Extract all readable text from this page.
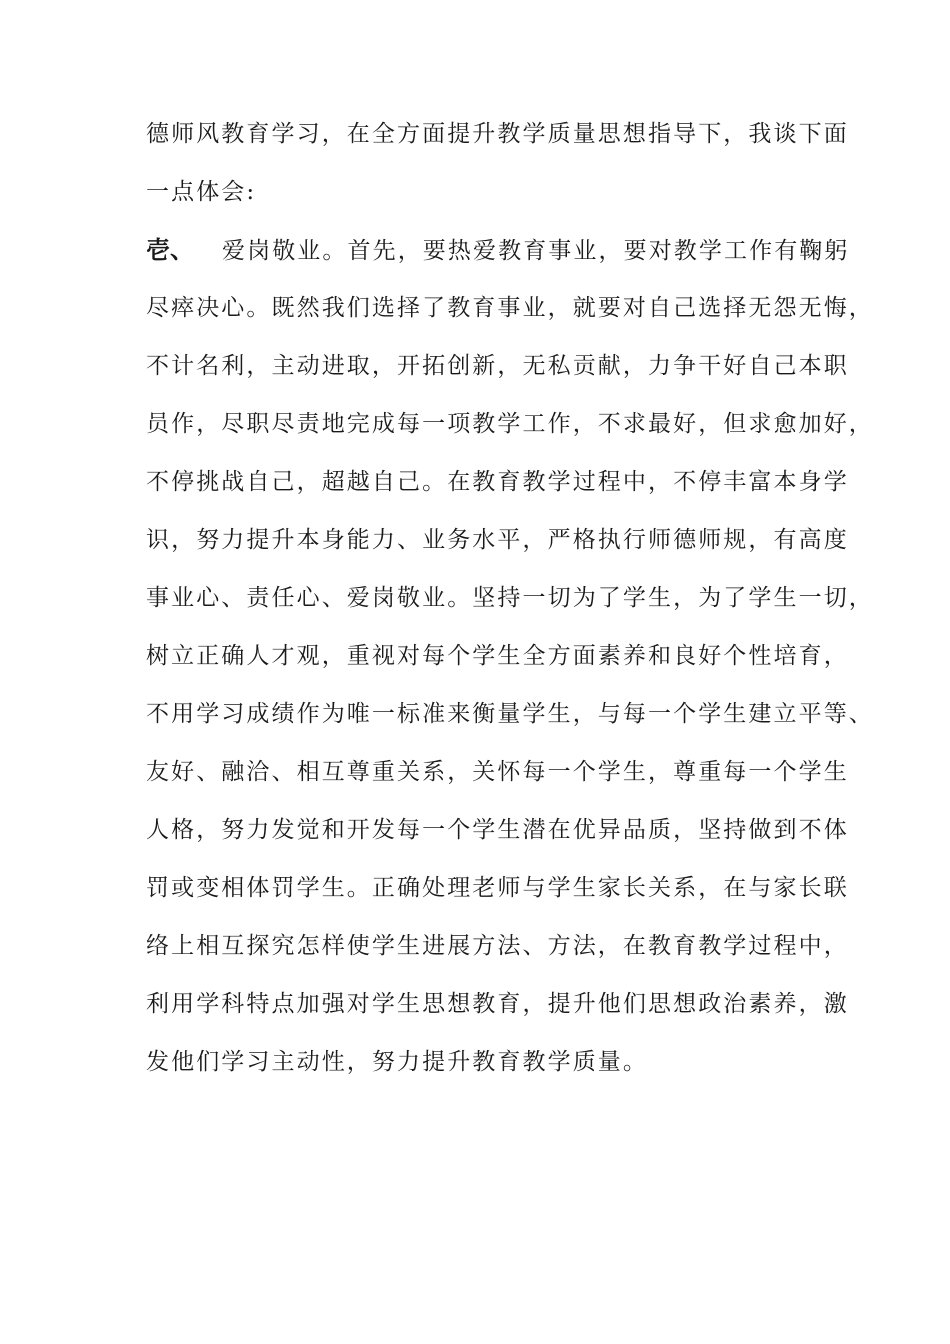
德师风教育学习，在全方面提升教学质量思想指导下，我谈下面
一点体会:
壱、 爱岗敬业。首先，要热爱教育事业，要对教学工作有鞠躬
尽瘁决心。既然我们选择了教育事业，就要对自己选择无怨无悔，
不计名利，主动进取，开拓创新，无私贡献，力争干好自己本职
员作，尽职尽责地完成每一项教学工作，不求最好，但求愈加好，
不停挑战自己，超越自己。在教育教学过程中，不停丰富本身学
识，努力提升本身能力、业务水平，严格执行师德师规，有高度
事业心、责任心、爱岗敬业。坚持一切为了学生，为了学生一切，
树立正确人才观，重视对每个学生全方面素养和良好个性培育，
不用学习成绩作为唯一标准来衡量学生，与每一个学生建立平等、
友好、融洽、相互尊重关系，关怀每一个学生，尊重每一个学生
人格，努力发觉和开发每一个学生潜在优异品质，坚持做到不体
罚或变相体罚学生。正确处理老师与学生家长关系，在与家长联
络上相互探究怎样使学生进展方法、方法，在教育教学过程中，
利用学科特点加强对学生思想教育，提升他们思想政治素养，激
发他们学习主动性，努力提升教育教学质量。
